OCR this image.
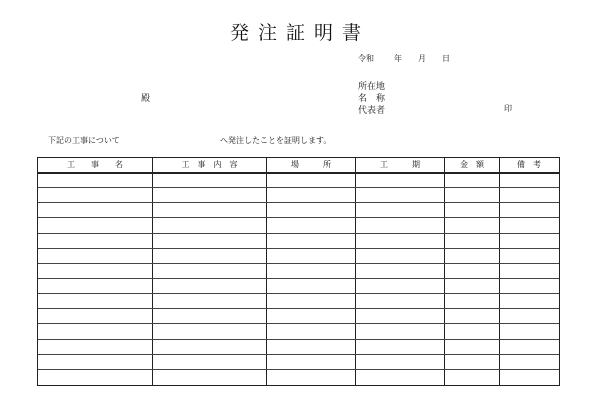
発注証明書
令和	年 月 日
殿
所在地
名　称
代表者	印
下記の工事について	へ発注したことを証明します。
工　　事　　名	工　事　内　容	場　　　所	工　　　期	金　額	備　考
